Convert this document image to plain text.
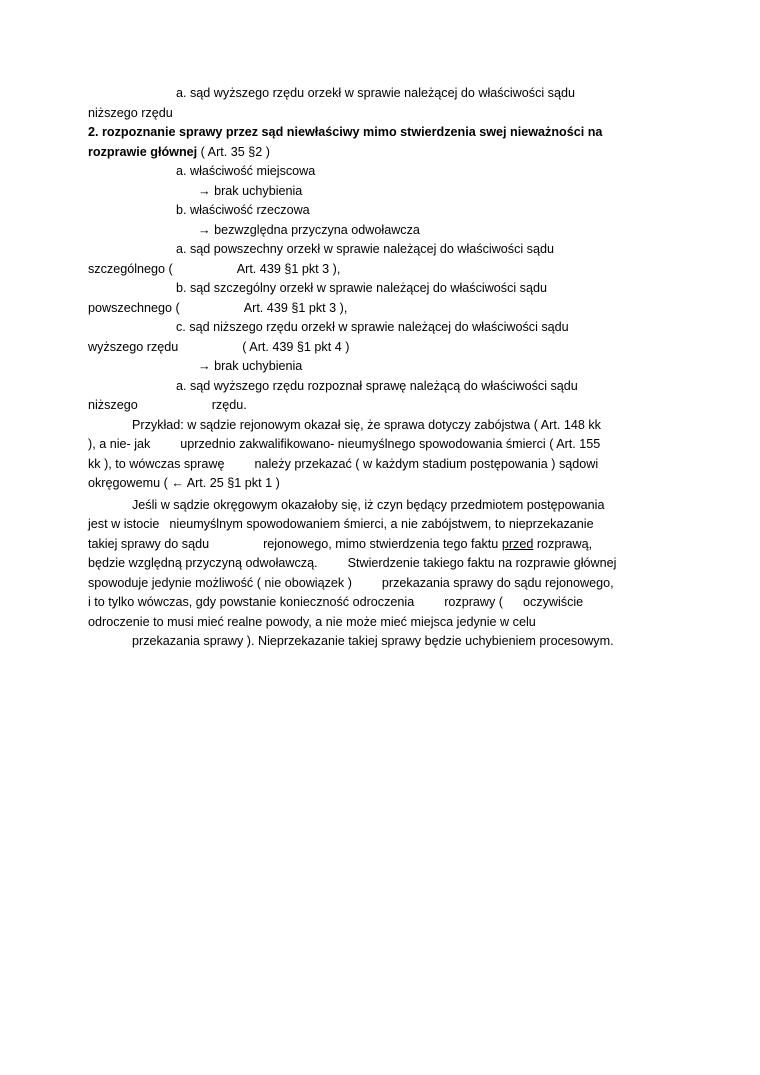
a. sąd wyższego rzędu orzekł w sprawie należącej do właściwości sądu

niższego rzędu

2. rozpoznanie sprawy przez sąd niewłaściwy mimo stwierdzenia swej nieważności na

rozprawie głównej ( Art. 35 §2 )

a. właściwość miejscowa

→ brak uchybienia

b. właściwość rzeczowa

→ bezwzględna przyczyna odwoławcza

a. sąd powszechny orzekł w sprawie należącej do właściwości sądu

szczególnego (	Art. 439 §1 pkt 3 ),

b. sąd szczególny orzekł w sprawie należącej do właściwości sądu

powszechnego (	Art. 439 §1 pkt 3 ),

c. sąd niższego rzędu orzekł w sprawie należącej do właściwości sądu

wyższego rzędu	( Art. 439 §1 pkt 4 )

→ brak uchybienia

a. sąd wyższego rzędu rozpoznał sprawę należącą do właściwości sądu

niższego	rzędu.

Przykład: w sądzie rejonowym okazał się, że sprawa dotyczy zabójstwa ( Art. 148 kk

), a nie- jak uprzednio zakwalifikowano- nieumyślnego spowodowania śmierci ( Art. 155

kk ), to wówczas sprawę należy przekazać ( w każdym stadium postępowania ) sądowi

okręgowemu ( ← Art. 25 §1 pkt 1 )

Jeśli w sądzie okręgowym okazałoby się, iż czyn będący przedmiotem postępowania

jest w istocie nieumyślnym spowodowaniem śmierci, a nie zabójstwem, to nieprzekazanie

takiej sprawy do sądu	rejonowego, mimo stwierdzenia tego faktu przed rozprawą,

będzie względną przyczyną odwoławczą. Stwierdzenie takiego faktu na rozprawie głównej

spowoduje jedynie możliwość ( nie obowiązek ) przekazania sprawy do sądu rejonowego,

i to tylko wówczas, gdy powstanie konieczność odroczenia rozprawy ( oczywiście

odroczenie to musi mieć realne powody, a nie może mieć miejsca jedynie w celu

przekazania sprawy ). Nieprzekazanie takiej sprawy będzie uchybieniem procesowym.
